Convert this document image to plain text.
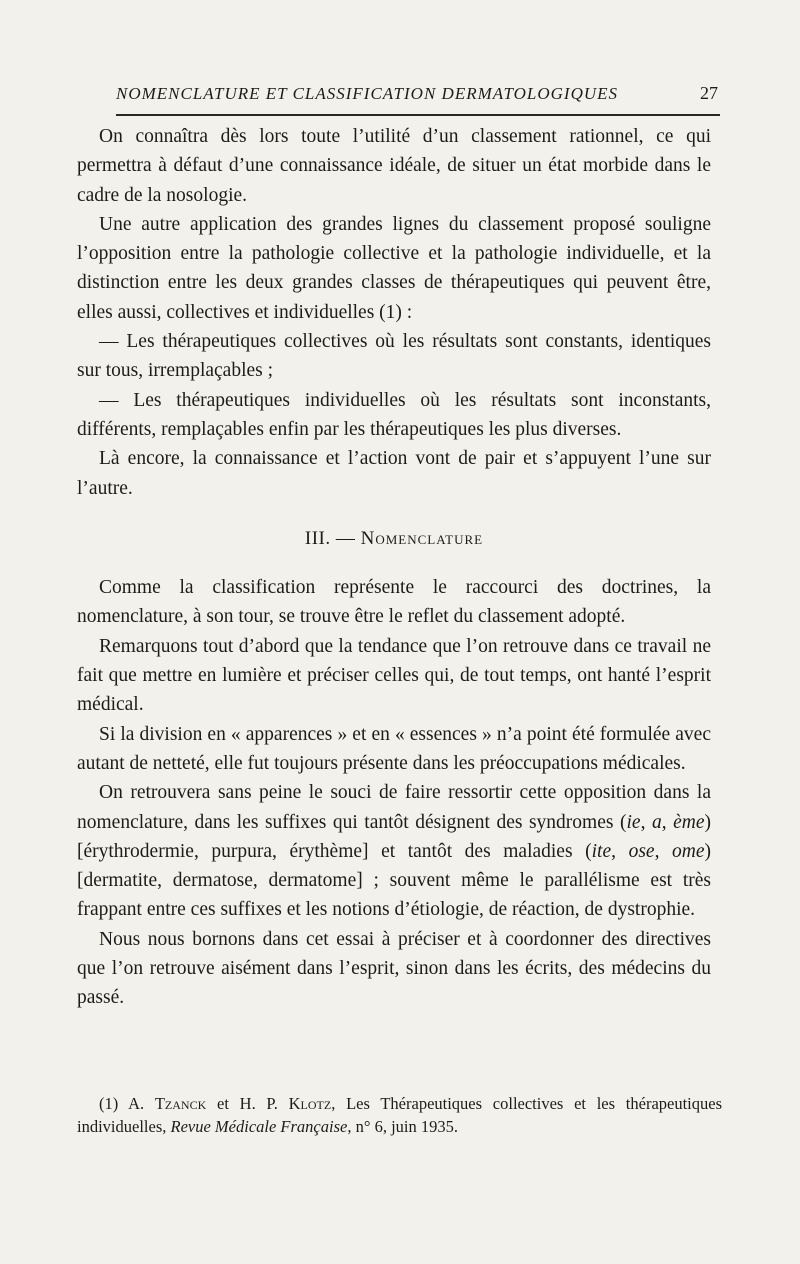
NOMENCLATURE ET CLASSIFICATION DERMATOLOGIQUES	27

On connaîtra dès lors toute l’utilité d’un classement rationnel, ce qui permettra à défaut d’une connaissance idéale, de situer un état morbide dans le cadre de la nosologie.

Une autre application des grandes lignes du classement proposé souligne l’opposition entre la pathologie collective et la pathologie individuelle, et la distinction entre les deux grandes classes de thérapeutiques qui peuvent être, elles aussi, collectives et individuelles (1) :

— Les thérapeutiques collectives où les résultats sont constants, identiques sur tous, irremplaçables ;

— Les thérapeutiques individuelles où les résultats sont inconstants, différents, remplaçables enfin par les thérapeutiques les plus diverses.

Là encore, la connaissance et l’action vont de pair et s’appuyent l’une sur l’autre.

III. — Nomenclature

Comme la classification représente le raccourci des doctrines, la nomenclature, à son tour, se trouve être le reflet du classement adopté.

Remarquons tout d’abord que la tendance que l’on retrouve dans ce travail ne fait que mettre en lumière et préciser celles qui, de tout temps, ont hanté l’esprit médical.

Si la division en « apparences » et en « essences » n’a point été formulée avec autant de netteté, elle fut toujours présente dans les préoccupations médicales.

On retrouvera sans peine le souci de faire ressortir cette opposition dans la nomenclature, dans les suffixes qui tantôt désignent des syndromes (ie, a, ème) [érythrodermie, purpura, érythème] et tantôt des maladies (ite, ose, ome) [dermatite, dermatose, dermatome] ; souvent même le parallélisme est très frappant entre ces suffixes et les notions d’étiologie, de réaction, de dystrophie.

Nous nous bornons dans cet essai à préciser et à coordonner des directives que l’on retrouve aisément dans l’esprit, sinon dans les écrits, des médecins du passé.

(1) A. Tzanck et H. P. Klotz, Les Thérapeutiques collectives et les thérapeutiques individuelles, Revue Médicale Française, n° 6, juin 1935.
